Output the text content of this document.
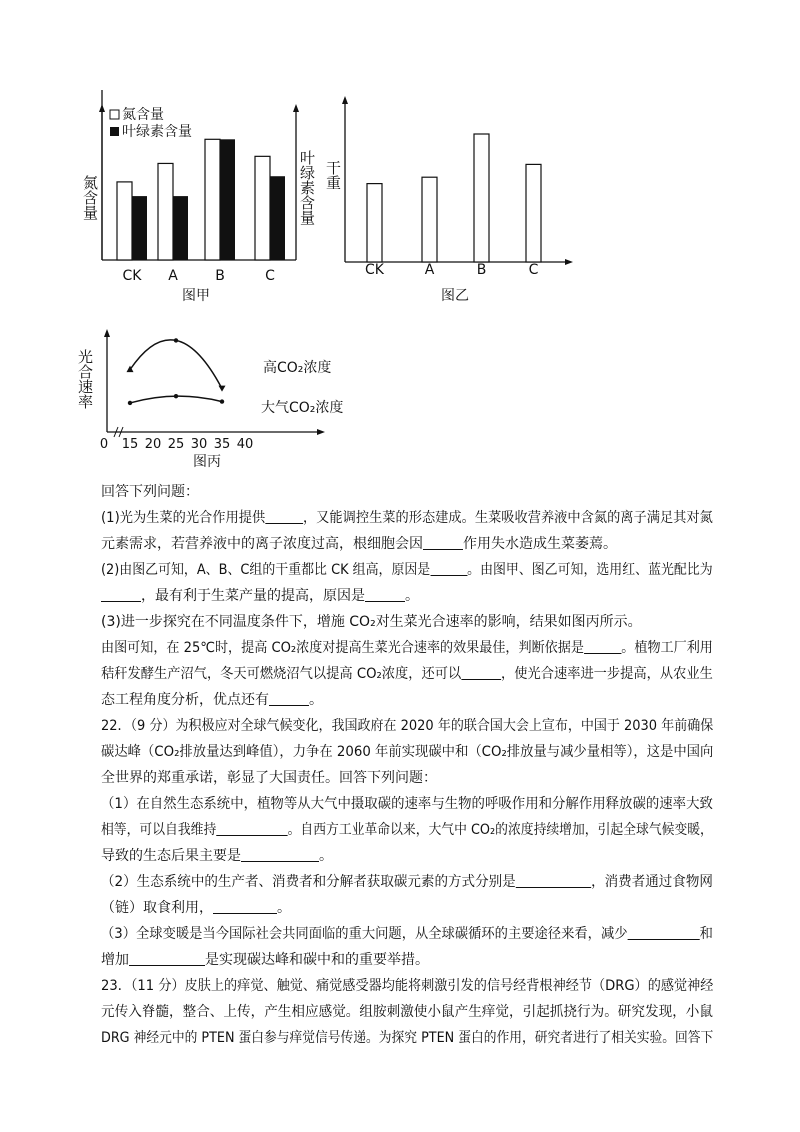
氮含量
叶绿素含量
氮含量	叶绿素含量
CK A	B	C
图甲
干重
CK	A	B	C
图乙
光合速率	高CO₂浓度
大气CO₂浓度
0 15 20 25 30 35 40
图丙
回答下列问题：
(1)光为生菜的光合作用提供	，又能调控生菜的形态建成。生菜吸收营养液中含氮的离子满足其对氮
元素需求，若营养液中的离子浓度过高，根细胞会因	作用失水造成生菜萎蔫。
(2)由图乙可知，A、B、C组的干重都比 CK 组高，原因是	。由图甲、图乙可知，选用红、蓝光配比为
，最有利于生菜产量的提高，原因是	。
(3)进一步探究在不同温度条件下，增施 CO₂对生菜光合速率的影响，结果如图丙所示。
由图可知，在 25℃时，提高 CO₂浓度对提高生菜光合速率的效果最佳，判断依据是	。植物工厂利用
秸秆发酵生产沼气，冬天可燃烧沼气以提高 CO₂浓度，还可以	，使光合速率进一步提高，从农业生
态工程角度分析，优点还有	。
22．（9 分）为积极应对全球气候变化，我国政府在 2020 年的联合国大会上宣布，中国于 2030 年前确保
碳达峰（CO₂排放量达到峰值），力争在 2060 年前实现碳中和（CO₂排放量与减少量相等），这是中国向
全世界的郑重承诺，彰显了大国责任。回答下列问题：
（1）在自然生态系统中，植物等从大气中摄取碳的速率与生物的呼吸作用和分解作用释放碳的速率大致
相等，可以自我维持	。自西方工业革命以来，大气中 CO₂的浓度持续增加，引起全球气候变暖，
导致的生态后果主要是	。
（2）生态系统中的生产者、消费者和分解者获取碳元素的方式分别是	，消费者通过食物网
（链）取食利用，	。
（3）全球变暖是当今国际社会共同面临的重大问题，从全球碳循环的主要途径来看，减少	和
增加	是实现碳达峰和碳中和的重要举措。
23．（11 分）皮肤上的痒觉、触觉、痛觉感受器均能将刺激引发的信号经背根神经节（DRG）的感觉神经
元传入脊髓，整合、上传，产生相应感觉。组胺刺激使小鼠产生痒觉，引起抓挠行为。研究发现，小鼠
DRG 神经元中的 PTEN 蛋白参与痒觉信号传递。为探究 PTEN 蛋白的作用，研究者进行了相关实验。回答下
